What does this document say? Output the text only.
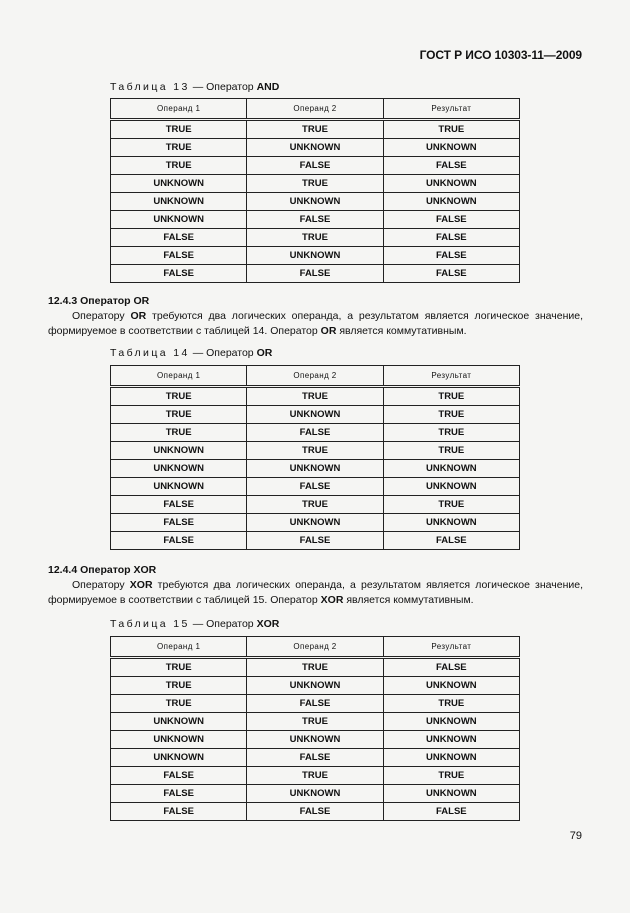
ГОСТ Р ИСО 10303-11—2009
Таблица 13 — Оператор AND
Операнд 1	Операнд 2	Результат
TRUE	TRUE	TRUE
TRUE	UNKNOWN	UNKNOWN
TRUE	FALSE	FALSE
UNKNOWN	TRUE	UNKNOWN
UNKNOWN	UNKNOWN	UNKNOWN
UNKNOWN	FALSE	FALSE
FALSE	TRUE	FALSE
FALSE	UNKNOWN	FALSE
FALSE	FALSE	FALSE
12.4.3 Оператор OR

Оператору OR требуются два логических операнда, а результатом является логическое значение, формируемое в соответствии с таблицей 14. Оператор OR является коммутативным.

Таблица 14 — Оператор OR
Операнд 1	Операнд 2	Результат
TRUE	TRUE	TRUE
TRUE	UNKNOWN	TRUE
TRUE	FALSE	TRUE
UNKNOWN	TRUE	TRUE
UNKNOWN	UNKNOWN	UNKNOWN
UNKNOWN	FALSE	UNKNOWN
FALSE	TRUE	TRUE
FALSE	UNKNOWN	UNKNOWN
FALSE	FALSE	FALSE
12.4.4 Оператор XOR

Оператору XOR требуются два логических операнда, а результатом является логическое значение, формируемое в соответствии с таблицей 15. Оператор XOR является коммутативным.

Таблица 15 — Оператор XOR
Операнд 1	Операнд 2	Результат
TRUE	TRUE	FALSE
TRUE	UNKNOWN	UNKNOWN
TRUE	FALSE	TRUE
UNKNOWN	TRUE	UNKNOWN
UNKNOWN	UNKNOWN	UNKNOWN
UNKNOWN	FALSE	UNKNOWN
FALSE	TRUE	TRUE
FALSE	UNKNOWN	UNKNOWN
FALSE	FALSE	FALSE
79
